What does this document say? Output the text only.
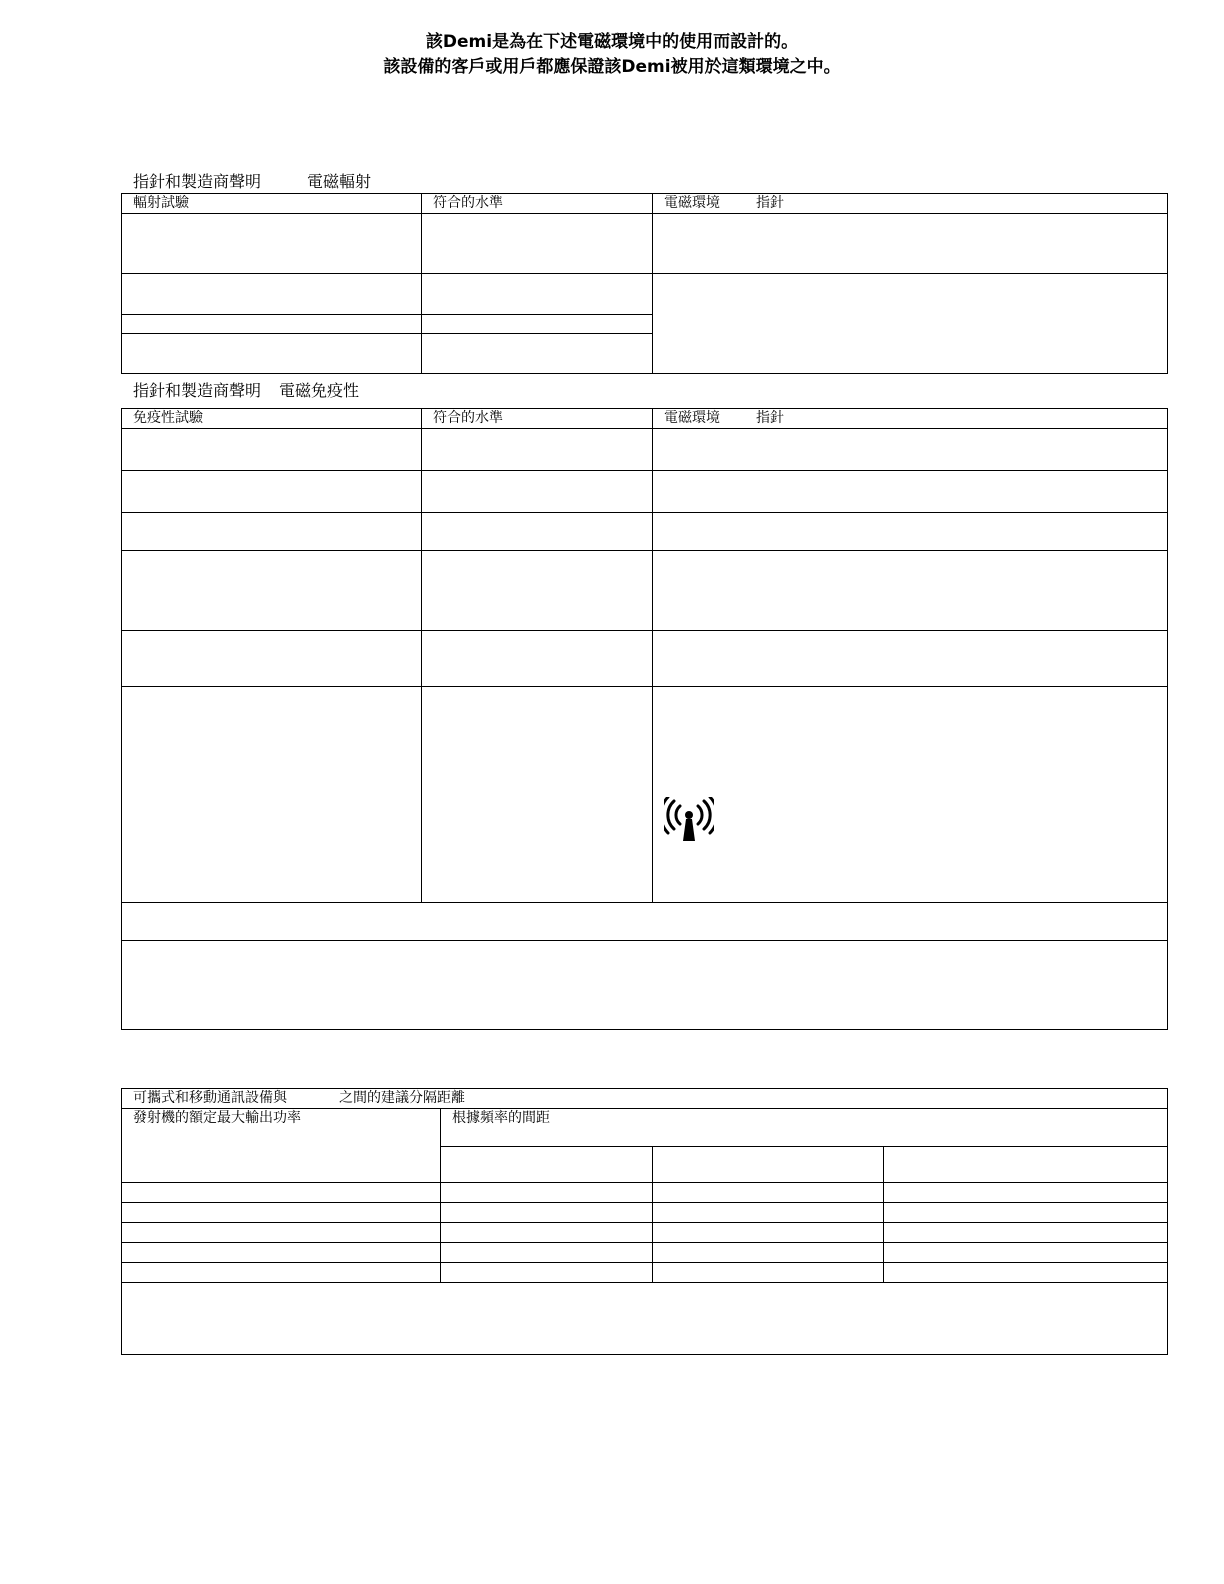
該Demi是為在下述電磁環境中的使用而設計的。
該設備的客戶或用戶都應保證該Demi被用於這類環境之中。
指針和製造商聲明	電磁輻射
輻射試驗	符合的水準	電磁環境 指針

指針和製造商聲明 電磁免疫性
免疫性試驗	符合的水準	電磁環境 指針

可攜式和移動通訊設備與 之間的建議分隔距離			
發射機的額定最大輸出功率	根據頻率的間距		
